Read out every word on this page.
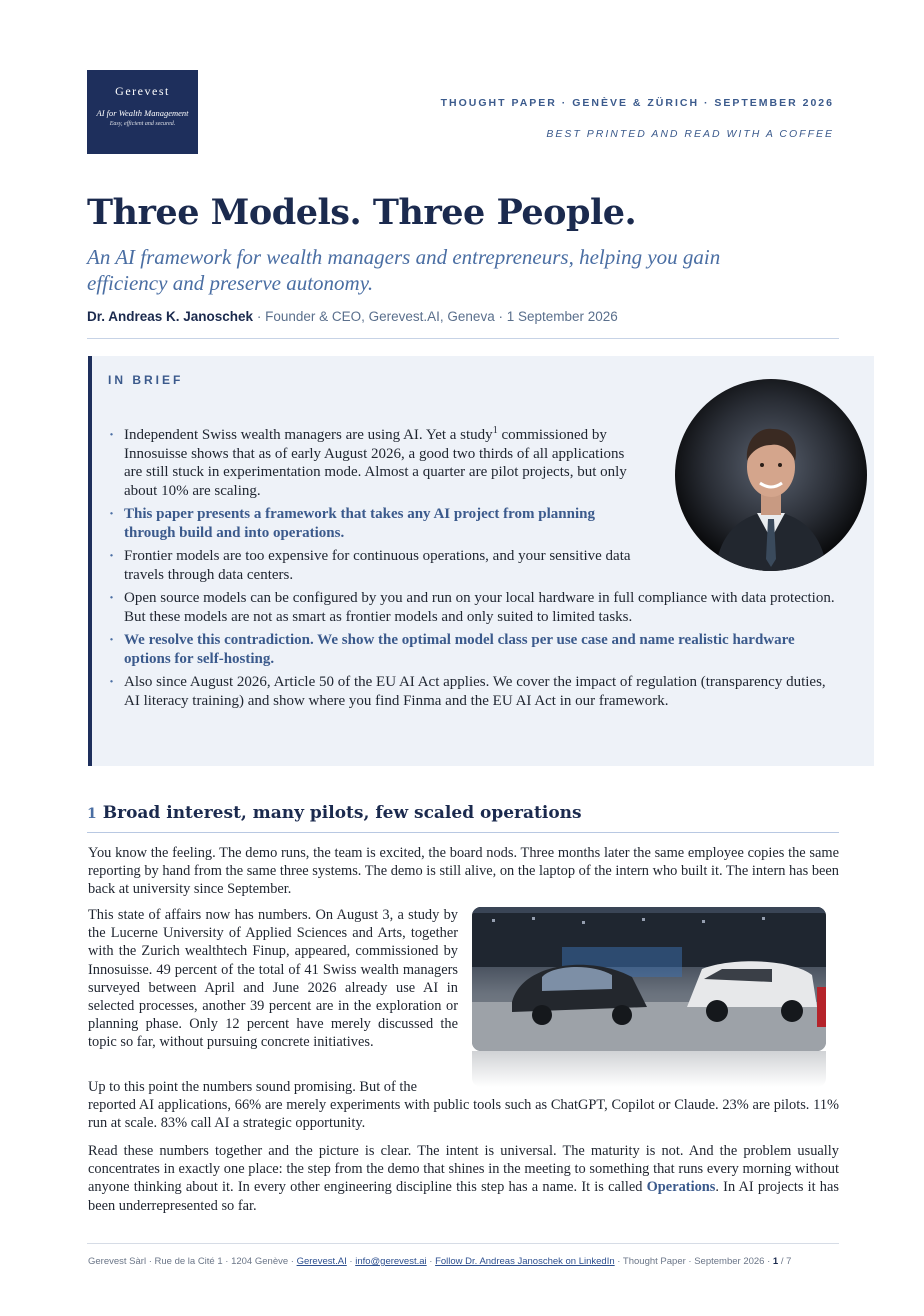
Gerevest
AI for Wealth Management
Easy, efficient and secured.
THOUGHT PAPER · GENÈVE & ZÜRICH · SEPTEMBER 2026
BEST PRINTED AND READ WITH A COFFEE
Three Models. Three People.
An AI framework for wealth managers and entrepreneurs, helping you gain efficiency and preserve autonomy.
Dr. Andreas K. Janoschek · Founder & CEO, Gerevest.AI, Geneva · 1 September 2026
IN BRIEF
· Independent Swiss wealth managers are using AI. Yet a study$^1$ commissioned by Innosuisse shows that as of early August 2026, a good two thirds of all applications are still stuck in experimentation mode. Almost a quarter are pilot projects, but only about 10% are scaling.
· This paper presents a framework that takes any AI project from planning through build and into operations.
· Frontier models are too expensive for continuous operations, and your sensitive data travels through data centers.
· Open source models can be configured by you and run on your local hardware in full compliance with data protection. But these models are not as smart as frontier models and only suited to limited tasks.
· We resolve this contradiction. We show the optimal model class per use case and name realistic hardware options for self-hosting.
· Also since August 2026, Article 50 of the EU AI Act applies. We cover the impact of regulation (transparency duties, AI literacy training) and show where you find Finma and the EU AI Act in our framework.
1 Broad interest, many pilots, few scaled operations
You know the feeling. The demo runs, the team is excited, the board nods. Three months later the same employee copies the same reporting by hand from the same three systems. The demo is still alive, on the laptop of the intern who built it. The intern has been back at university since September.
This state of affairs now has numbers. On August 3, a study by the Lucerne University of Applied Sciences and Arts, together with the Zurich wealthtech Finup, appeared, commissioned by Innosuisse. 49 percent of the total of 41 Swiss wealth managers surveyed between April and June 2026 already use AI in selected processes, another 39 percent are in the exploration or planning phase. Only 12 percent have merely discussed the topic so far, without pursuing concrete initiatives.
Up to this point the numbers sound promising. But of the
reported AI applications, 66% are merely experiments with public tools such as ChatGPT, Copilot or Claude. 23% are pilots. 11% run at scale. 83% call AI a strategic opportunity.
Read these numbers together and the picture is clear. The intent is universal. The maturity is not. And the problem usually concentrates in exactly one place: the step from the demo that shines in the meeting to something that runs every morning without anyone thinking about it. In every other engineering discipline this step has a name. It is called Operations. In AI projects it has been underrepresented so far.
Gerevest Sàrl · Rue de la Cité 1 · 1204 Genève · Gerevest.AI · info@gerevest.ai · Follow Dr. Andreas Janoschek on LinkedIn · Thought Paper · September 2026 · 1 / 7
